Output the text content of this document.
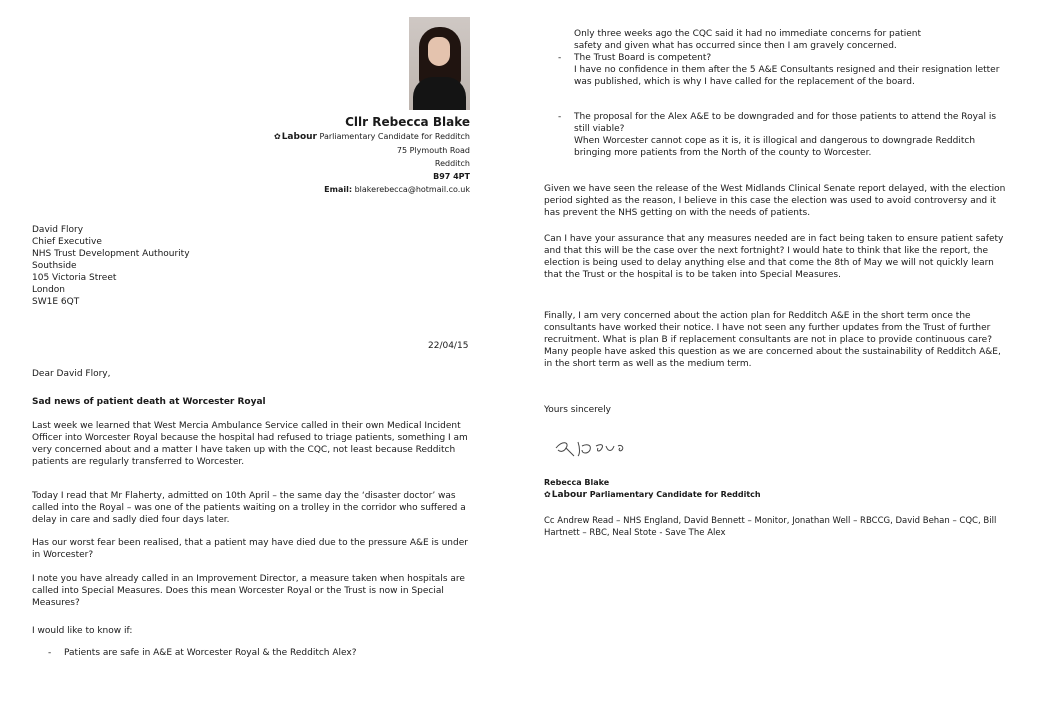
Cllr Rebecca Blake
✿Labour Parliamentary Candidate for Redditch
75 Plymouth Road
Redditch
B97 4PT
Email: blakerebecca@hotmail.co.uk
David Flory
Chief Executive
NHS Trust Development Authourity
Southside
105 Victoria Street
London
SW1E 6QT
22/04/15
Dear David Flory,
Sad news of patient death at Worcester Royal

Last week we learned that West Mercia Ambulance Service called in their own Medical Incident Officer into Worcester Royal because the hospital had refused to triage patients, something I am very concerned about and a matter I have taken up with the CQC, not least because Redditch patients are regularly transferred to Worcester.

Today I read that Mr Flaherty, admitted on 10th April – the same day the ‘disaster doctor’ was called into the Royal – was one of the patients waiting on a trolley in the corridor who suffered a delay in care and sadly died four days later.

Has our worst fear been realised, that a patient may have died due to the pressure A&E is under in Worcester?

I note you have already called in an Improvement Director, a measure taken when hospitals are called into Special Measures. Does this mean Worcester Royal or the Trust is now in Special Measures?

I would like to know if:

- Patients are safe in A&E at Worcester Royal & the Redditch Alex?
Only three weeks ago the CQC said it had no immediate concerns for patient
safety and given what has occurred since then I am gravely concerned.
- The Trust Board is competent?
I have no confidence in them after the 5 A&E Consultants resigned and their resignation letter was published, which is why I have called for the replacement of the board.
- The proposal for the Alex A&E to be downgraded and for those patients to attend the Royal is still viable?
When Worcester cannot cope as it is, it is illogical and dangerous to downgrade Redditch bringing more patients from the North of the county to Worcester.

Given we have seen the release of the West Midlands Clinical Senate report delayed, with the election period sighted as the reason, I believe in this case the election was used to avoid controversy and it has prevent the NHS getting on with the needs of patients.

Can I have your assurance that any measures needed are in fact being taken to ensure patient safety and that this will be the case over the next fortnight? I would hate to think that like the report, the election is being used to delay anything else and that come the 8th of May we will not quickly learn that the Trust or the hospital is to be taken into Special Measures.

Finally, I am very concerned about the action plan for Redditch A&E in the short term once the consultants have worked their notice. I have not seen any further updates from the Trust of further recruitment. What is plan B if replacement consultants are not in place to provide continuous care? Many people have asked this question as we are concerned about the sustainability of Redditch A&E, in the short term as well as the medium term.

Yours sincerely

Rebecca Blake
✿Labour Parliamentary Candidate for Redditch
Cc Andrew Read – NHS England, David Bennett – Monitor, Jonathan Well – RBCCG, David Behan – CQC, Bill Hartnett – RBC, Neal Stote - Save The Alex
